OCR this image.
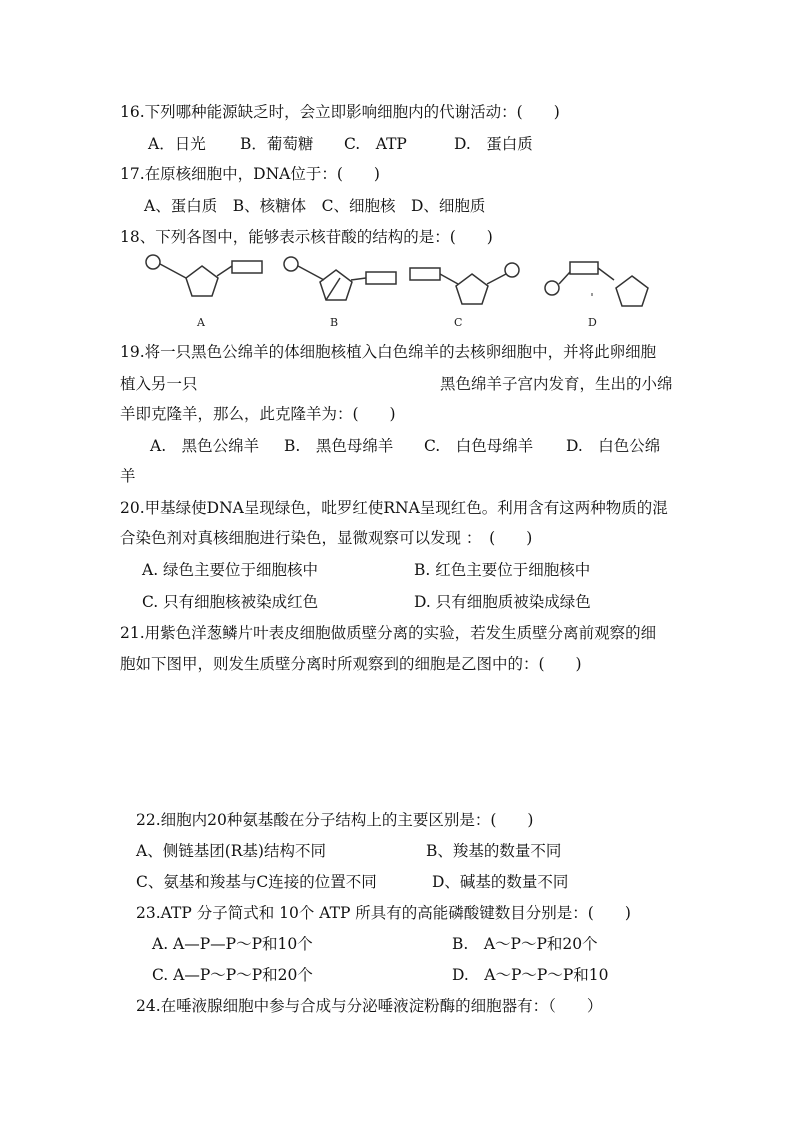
16.下列哪种能源缺乏时，会立即影响细胞内的代谢活动：(　　)
A．日光 B．葡萄糖 C.　ATP	D.　蛋白质
17.在原核细胞中，DNA位于：(　　)
A、蛋白质　B、核糖体　C、细胞核　D、细胞质
18、下列各图中，能够表示核苷酸的结构的是：(　　)
A	B	C	D
19.将一只黑色公绵羊的体细胞核植入白色绵羊的去核卵细胞中，并将此卵细胞
植入另一只	黑色绵羊子宫内发育，生出的小绵
羊即克隆羊，那么，此克隆羊为：(　　)
A.　黑色公绵羊 B.　黑色母绵羊 C.　白色母绵羊 D.　白色公绵
羊
20.甲基绿使DNA呈现绿色，吡罗红使RNA呈现红色。利用含有这两种物质的混
合染色剂对真核细胞进行染色，显微观察可以发现 ：　(　　)
A. 绿色主要位于细胞核中	B. 红色主要位于细胞核中
C. 只有细胞核被染成红色	D. 只有细胞质被染成绿色
21.用紫色洋葱鳞片叶表皮细胞做质壁分离的实验，若发生质壁分离前观察的细
胞如下图甲，则发生质壁分离时所观察到的细胞是乙图中的：(　　)
22.细胞内20种氨基酸在分子结构上的主要区别是：(　　)
A、侧链基团(R基)结构不同	B、羧基的数量不同
C、氨基和羧基与C连接的位置不同	D、碱基的数量不同
23.ATP 分子简式和 10个 ATP 所具有的高能磷酸键数目分别是：(　　)
A. A—P—P～P和10个	B.　A～P～P和20个
C. A—P～P～P和20个	D.　A～P～P～P和10
24.在唾液腺细胞中参与合成与分泌唾液淀粉酶的细胞器有：（　　）
